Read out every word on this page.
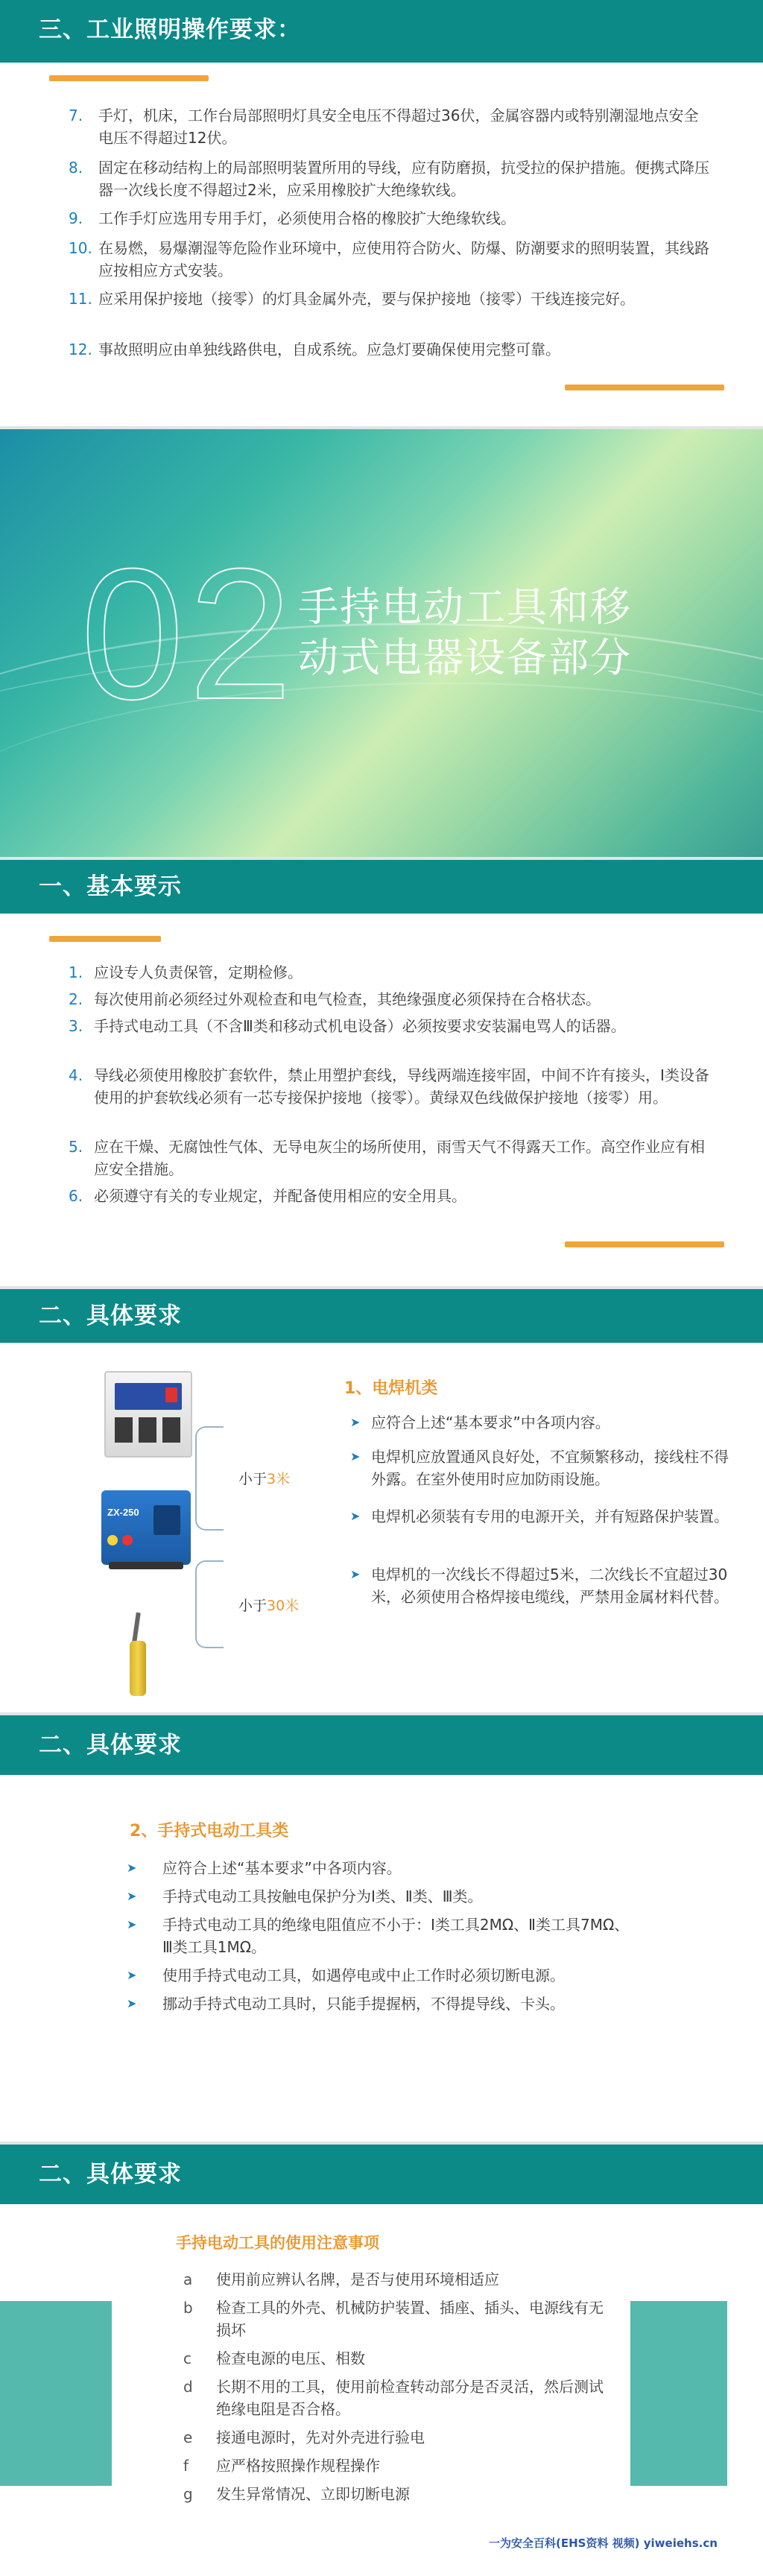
三、工业照明操作要求：
7. 手灯，机床，工作台局部照明灯具安全电压不得超过36伏，金属容器内或特别潮湿地点安全电压不得超过12伏。
8. 固定在移动结构上的局部照明装置所用的导线，应有防磨损，抗受拉的保护措施。便携式降压器一次线长度不得超过2米，应采用橡胶扩大绝缘软线。
9. 工作手灯应选用专用手灯，必须使用合格的橡胶扩大绝缘软线。
10. 在易燃，易爆潮湿等危险作业环境中，应使用符合防火、防爆、防潮要求的照明装置，其线路应按相应方式安装。
11. 应采用保护接地（接零）的灯具金属外壳，要与保护接地（接零）干线连接完好。
12. 事故照明应由单独线路供电，自成系统。应急灯要确保使用完整可靠。
02 手持电动工具和移
动式电器设备部分
一、基本要示
1. 应设专人负责保管，定期检修。
2. 每次使用前必须经过外观检查和电气检查，其绝缘强度必须保持在合格状态。
3. 手持式电动工具（不含Ⅲ类和移动式机电设备）必须按要求安装漏电骂人的话器。
4. 导线必须使用橡胶扩套软件，禁止用塑护套线，导线两端连接牢固，中间不许有接头，Ⅰ类设备使用的护套软线必须有一芯专接保护接地（接零）。黄绿双色线做保护接地（接零）用。
5. 应在干燥、无腐蚀性气体、无导电灰尘的场所使用，雨雪天气不得露天工作。高空作业应有相应安全措施。
6. 必须遵守有关的专业规定，并配备使用相应的安全用具。
二、具体要求
ZX-250
小于3米
小于30米
1、电焊机类
➤ 应符合上述“基本要求”中各项内容。
➤ 电焊机应放置通风良好处，不宜频繁移动，接线柱不得外露。在室外使用时应加防雨设施。
➤ 电焊机必须装有专用的电源开关，并有短路保护装置。
➤ 电焊机的一次线长不得超过5米，二次线长不宜超过30米，必须使用合格焊接电缆线，严禁用金属材料代替。
二、具体要求
2、手持式电动工具类
➤ 应符合上述“基本要求”中各项内容。
➤ 手持式电动工具按触电保护分为Ⅰ类、Ⅱ类、Ⅲ类。
➤ 手持式电动工具的绝缘电阻值应不小于：Ⅰ类工具2MΩ、Ⅱ类工具7MΩ、Ⅲ类工具1MΩ。
➤ 使用手持式电动工具，如遇停电或中止工作时必须切断电源。
➤ 挪动手持式电动工具时，只能手提握柄，不得提导线、卡头。
二、具体要求
手持电动工具的使用注意事项
a 使用前应辨认名牌，是否与使用环境相适应
b 检查工具的外壳、机械防护装置、插座、插头、电源线有无损坏
c 检查电源的电压、相数
d 长期不用的工具，使用前检查转动部分是否灵活，然后测试绝缘电阻是否合格。
e 接通电源时，先对外壳进行验电
f 应严格按照操作规程操作
g 发生异常情况、立即切断电源
一为安全百科(EHS资料 视频) yiweiehs.cn
